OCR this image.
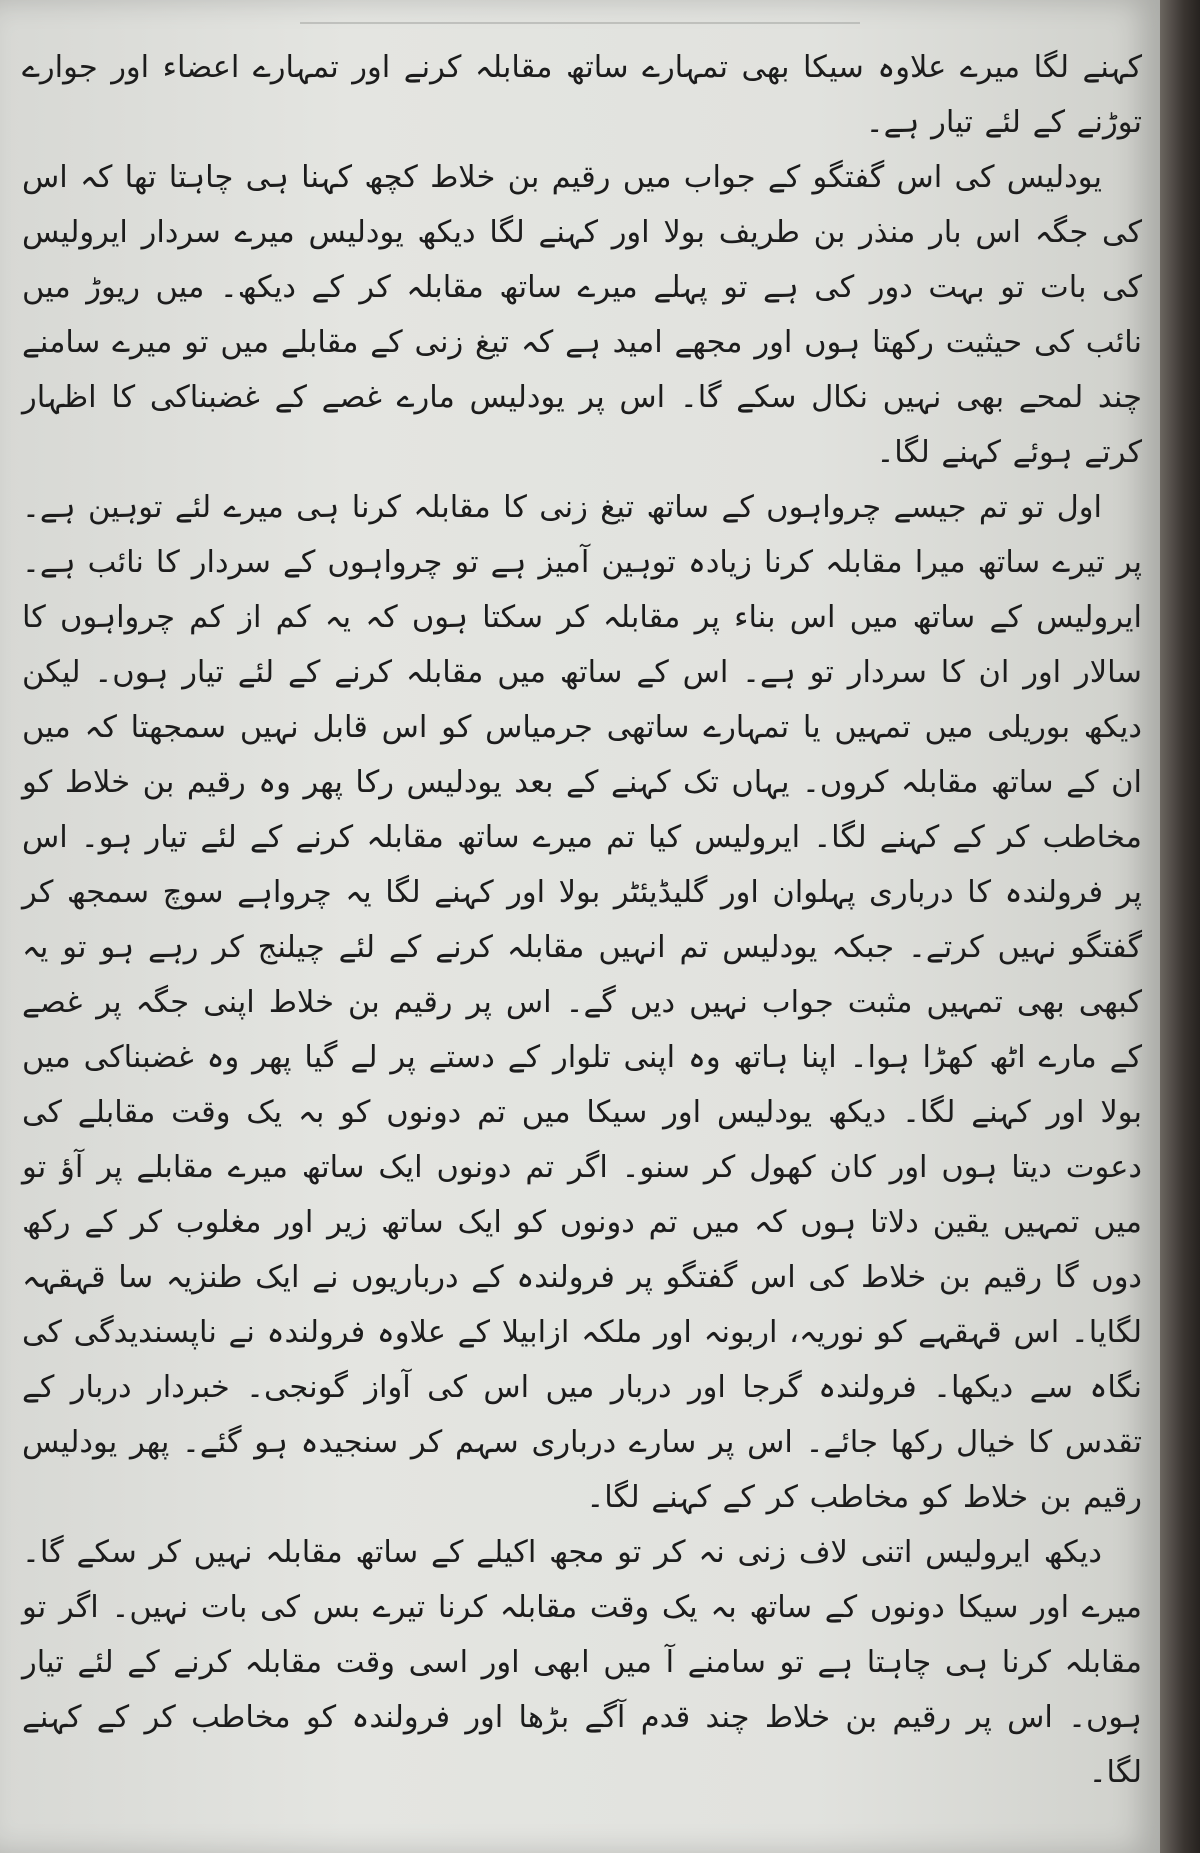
کہنے لگا میرے علاوہ سیکا بھی تمہارے ساتھ مقابلہ کرنے اور تمہارے اعضاء اور جوارے توڑنے کے لئے تیار ہے۔

یودلیس کی اس گفتگو کے جواب میں رقیم بن خلاط کچھ کہنا ہی چاہتا تھا کہ اس کی جگہ اس بار منذر بن طریف بولا اور کہنے لگا دیکھ یودلیس میرے سردار ایرولیس کی بات تو بہت دور کی ہے تو پہلے میرے ساتھ مقابلہ کر کے دیکھ۔ میں ریوڑ میں نائب کی حیثیت رکھتا ہوں اور مجھے امید ہے کہ تیغ زنی کے مقابلے میں تو میرے سامنے چند لمحے بھی نہیں نکال سکے گا۔ اس پر یودلیس مارے غصے کے غضبناکی کا اظہار کرتے ہوئے کہنے لگا۔

اول تو تم جیسے چرواہوں کے ساتھ تیغ زنی کا مقابلہ کرنا ہی میرے لئے توہین ہے۔ پر تیرے ساتھ میرا مقابلہ کرنا زیادہ توہین آمیز ہے تو چرواہوں کے سردار کا نائب ہے۔ ایرولیس کے ساتھ میں اس بناء پر مقابلہ کر سکتا ہوں کہ یہ کم از کم چرواہوں کا سالار اور ان کا سردار تو ہے۔ اس کے ساتھ میں مقابلہ کرنے کے لئے تیار ہوں۔ لیکن دیکھ بوریلی میں تمہیں یا تمہارے ساتھی جرمیاس کو اس قابل نہیں سمجھتا کہ میں ان کے ساتھ مقابلہ کروں۔ یہاں تک کہنے کے بعد یودلیس رکا پھر وہ رقیم بن خلاط کو مخاطب کر کے کہنے لگا۔ ایرولیس کیا تم میرے ساتھ مقابلہ کرنے کے لئے تیار ہو۔ اس پر فرولندہ کا درباری پہلوان اور گلیڈیئٹر بولا اور کہنے لگا یہ چرواہے سوچ سمجھ کر گفتگو نہیں کرتے۔ جبکہ یودلیس تم انہیں مقابلہ کرنے کے لئے چیلنج کر رہے ہو تو یہ کبھی بھی تمہیں مثبت جواب نہیں دیں گے۔ اس پر رقیم بن خلاط اپنی جگہ پر غصے کے مارے اٹھ کھڑا ہوا۔ اپنا ہاتھ وہ اپنی تلوار کے دستے پر لے گیا پھر وہ غضبناکی میں بولا اور کہنے لگا۔ دیکھ یودلیس اور سیکا میں تم دونوں کو بہ یک وقت مقابلے کی دعوت دیتا ہوں اور کان کھول کر سنو۔ اگر تم دونوں ایک ساتھ میرے مقابلے پر آؤ تو میں تمہیں یقین دلاتا ہوں کہ میں تم دونوں کو ایک ساتھ زیر اور مغلوب کر کے رکھ دوں گا رقیم بن خلاط کی اس گفتگو پر فرولندہ کے درباریوں نے ایک طنزیہ سا قہقہہ لگایا۔ اس قہقہے کو نوریہ، اربونہ اور ملکہ ازابیلا کے علاوہ فرولندہ نے ناپسندیدگی کی نگاہ سے دیکھا۔ فرولندہ گرجا اور دربار میں اس کی آواز گونجی۔ خبردار دربار کے تقدس کا خیال رکھا جائے۔ اس پر سارے درباری سہم کر سنجیدہ ہو گئے۔ پھر یودلیس رقیم بن خلاط کو مخاطب کر کے کہنے لگا۔

دیکھ ایرولیس اتنی لاف زنی نہ کر تو مجھ اکیلے کے ساتھ مقابلہ نہیں کر سکے گا۔ میرے اور سیکا دونوں کے ساتھ بہ یک وقت مقابلہ کرنا تیرے بس کی بات نہیں۔ اگر تو مقابلہ کرنا ہی چاہتا ہے تو سامنے آ میں ابھی اور اسی وقت مقابلہ کرنے کے لئے تیار ہوں۔ اس پر رقیم بن خلاط چند قدم آگے بڑھا اور فرولندہ کو مخاطب کر کے کہنے لگا۔
